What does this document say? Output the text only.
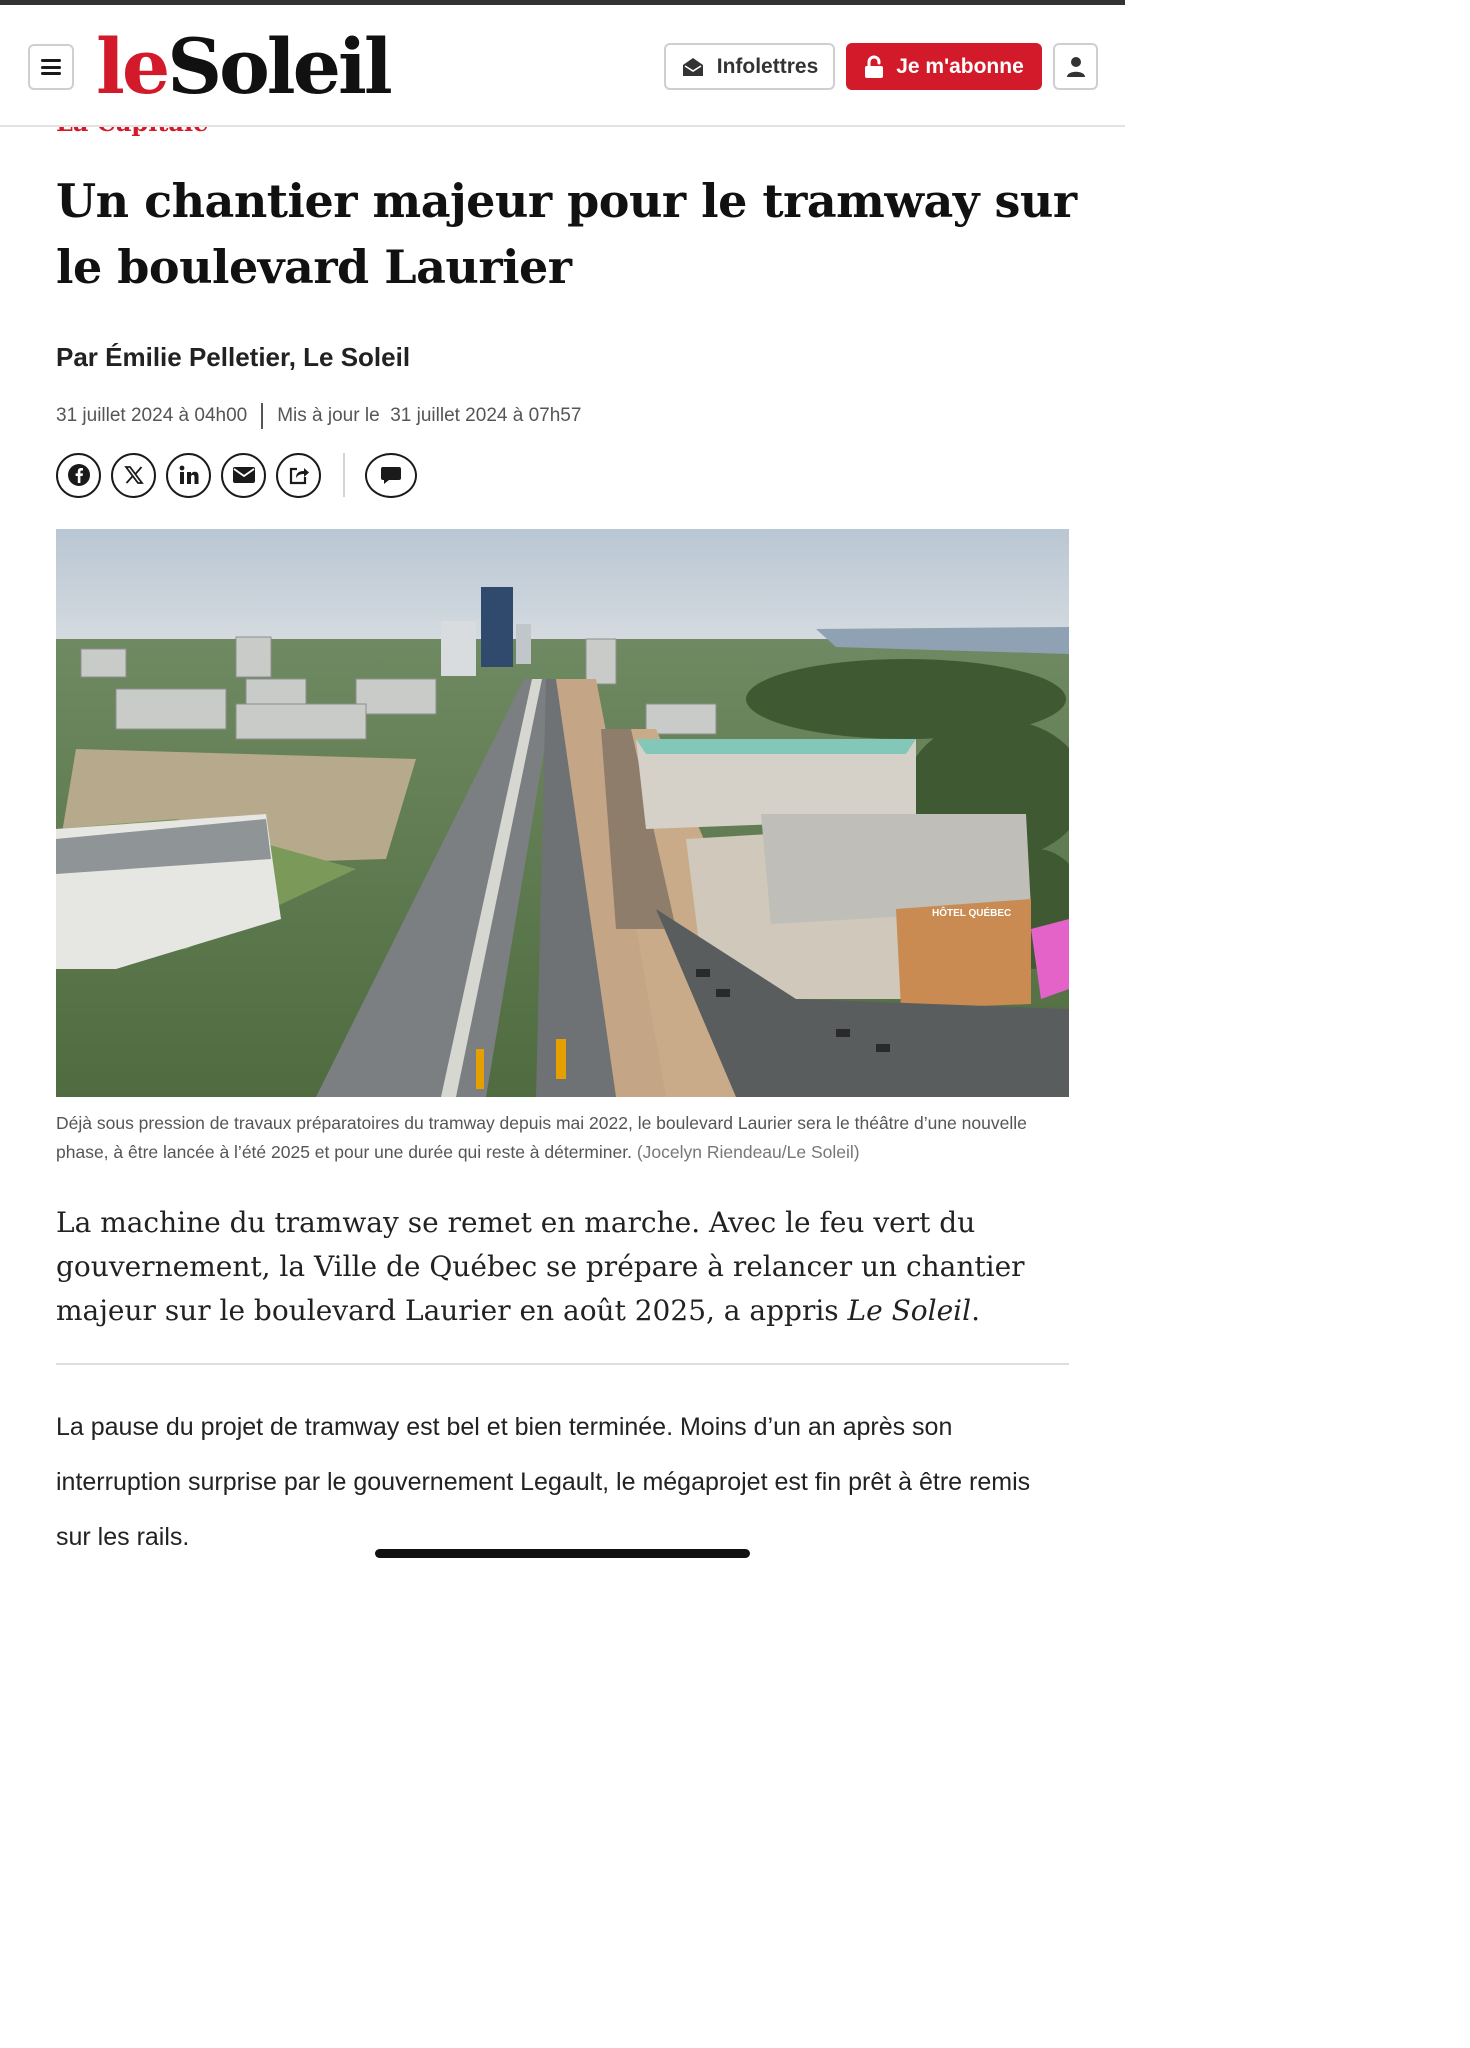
leSoleil	Infolettres	Je m'abonne
Un chantier majeur pour le tramway sur le boulevard Laurier
Par Émilie Pelletier, Le Soleil
31 juillet 2024 à 04h00 Mis à jour le  31 juillet 2024 à 07h57
HÔTEL QUÉBEC

Déjà sous pression de travaux préparatoires du tramway depuis mai 2022, le boulevard Laurier sera le théâtre d’une nouvelle phase, à être lancée à l’été 2025 et pour une durée qui reste à déterminer. (Jocelyn Riendeau/Le Soleil)

La machine du tramway se remet en marche. Avec le feu vert du gouvernement, la Ville de Québec se prépare à relancer un chantier majeur sur le boulevard Laurier en août 2025, a appris Le Soleil.

La pause du projet de tramway est bel et bien terminée. Moins d’un an après son interruption surprise par le gouvernement Legault, le mégaprojet est fin prêt à être remis sur les rails.
